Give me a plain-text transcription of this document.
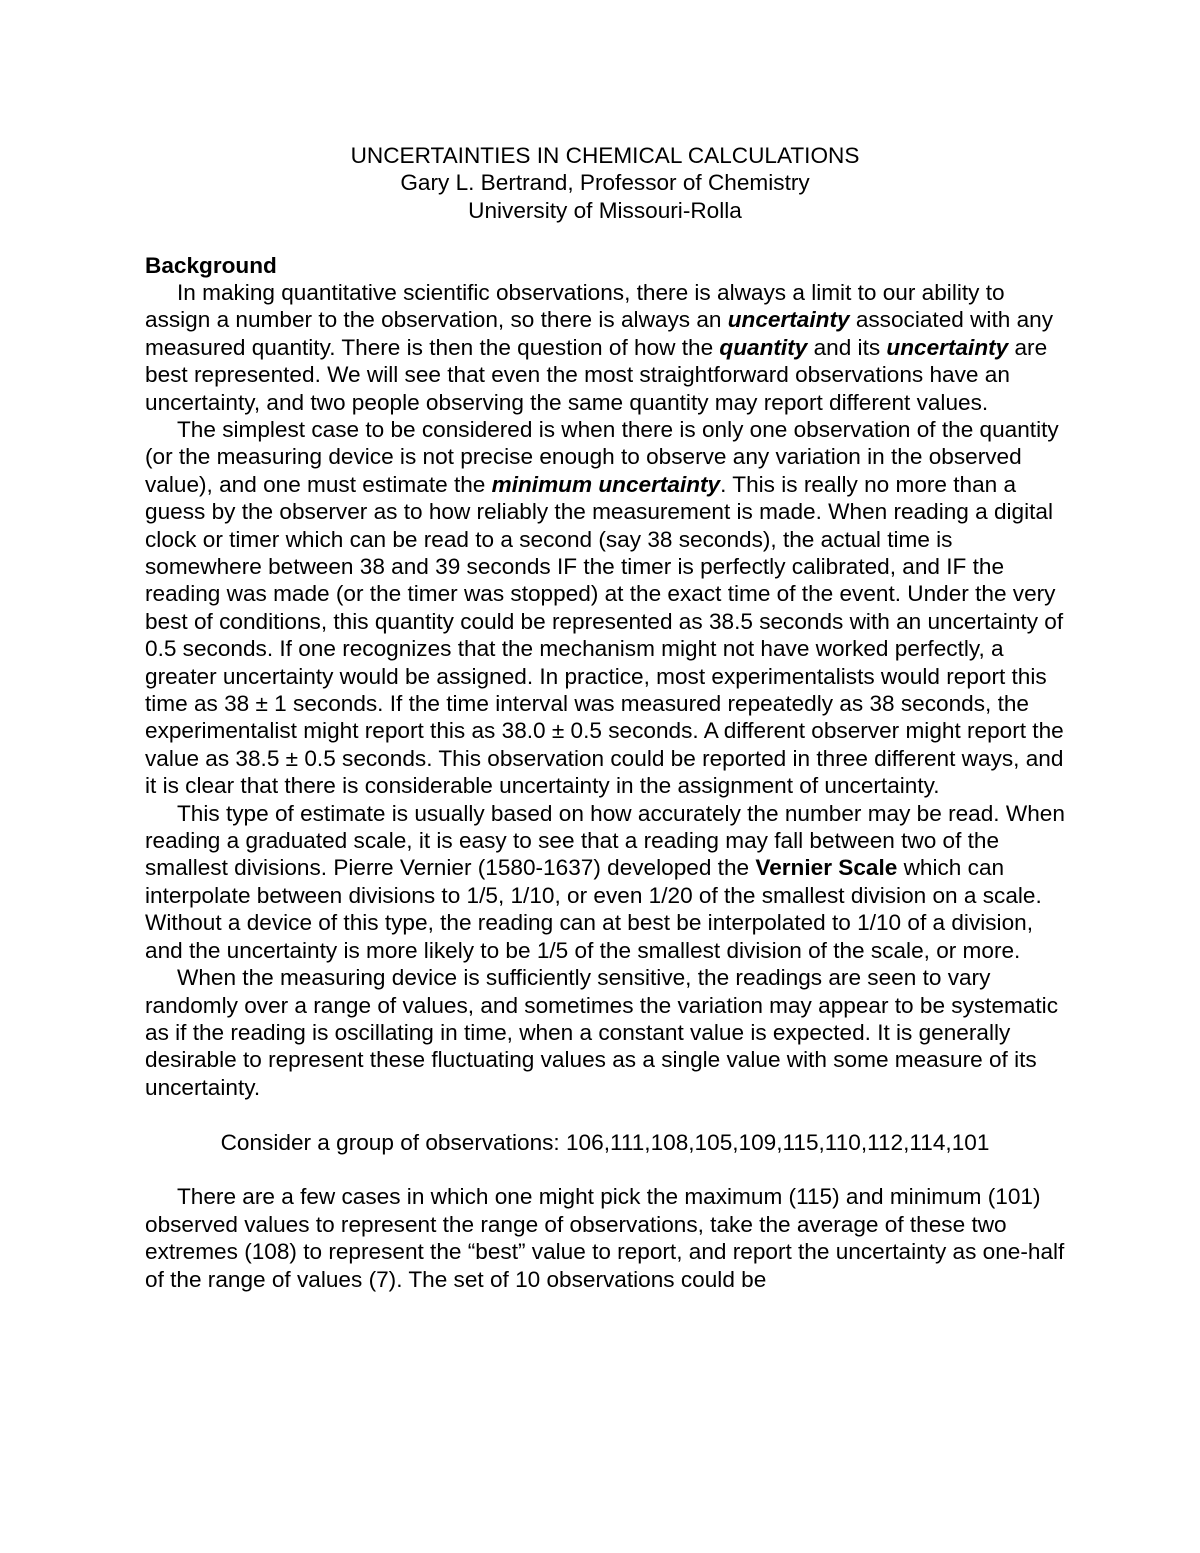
UNCERTAINTIES IN CHEMICAL CALCULATIONS
Gary L. Bertrand, Professor of Chemistry
University of Missouri-Rolla
Background

In making quantitative scientific observations, there is always a limit to our ability to assign a number to the observation, so there is always an uncertainty associated with any measured quantity. There is then the question of how the quantity and its uncertainty are best represented. We will see that even the most straightforward observations have an uncertainty, and two people observing the same quantity may report different values.

The simplest case to be considered is when there is only one observation of the quantity (or the measuring device is not precise enough to observe any variation in the observed value), and one must estimate the minimum uncertainty. This is really no more than a guess by the observer as to how reliably the measurement is made. When reading a digital clock or timer which can be read to a second (say 38 seconds), the actual time is somewhere between 38 and 39 seconds IF the timer is perfectly calibrated, and IF the reading was made (or the timer was stopped) at the exact time of the event. Under the very best of conditions, this quantity could be represented as 38.5 seconds with an uncertainty of 0.5 seconds. If one recognizes that the mechanism might not have worked perfectly, a greater uncertainty would be assigned. In practice, most experimentalists would report this time as 38 ± 1 seconds. If the time interval was measured repeatedly as 38 seconds, the experimentalist might report this as 38.0 ± 0.5 seconds. A different observer might report the value as 38.5 ± 0.5 seconds. This observation could be reported in three different ways, and it is clear that there is considerable uncertainty in the assignment of uncertainty.

This type of estimate is usually based on how accurately the number may be read. When reading a graduated scale, it is easy to see that a reading may fall between two of the smallest divisions. Pierre Vernier (1580-1637) developed the Vernier Scale which can interpolate between divisions to 1/5, 1/10, or even 1/20 of the smallest division on a scale. Without a device of this type, the reading can at best be interpolated to 1/10 of a division, and the uncertainty is more likely to be 1/5 of the smallest division of the scale, or more.

When the measuring device is sufficiently sensitive, the readings are seen to vary randomly over a range of values, and sometimes the variation may appear to be systematic as if the reading is oscillating in time, when a constant value is expected. It is generally desirable to represent these fluctuating values as a single value with some measure of its uncertainty.

Consider a group of observations: 106,111,108,105,109,115,110,112,114,101

There are a few cases in which one might pick the maximum (115) and minimum (101) observed values to represent the range of observations, take the average of these two extremes (108) to represent the “best” value to report, and report the uncertainty as one-half of the range of values (7). The set of 10 observations could be
